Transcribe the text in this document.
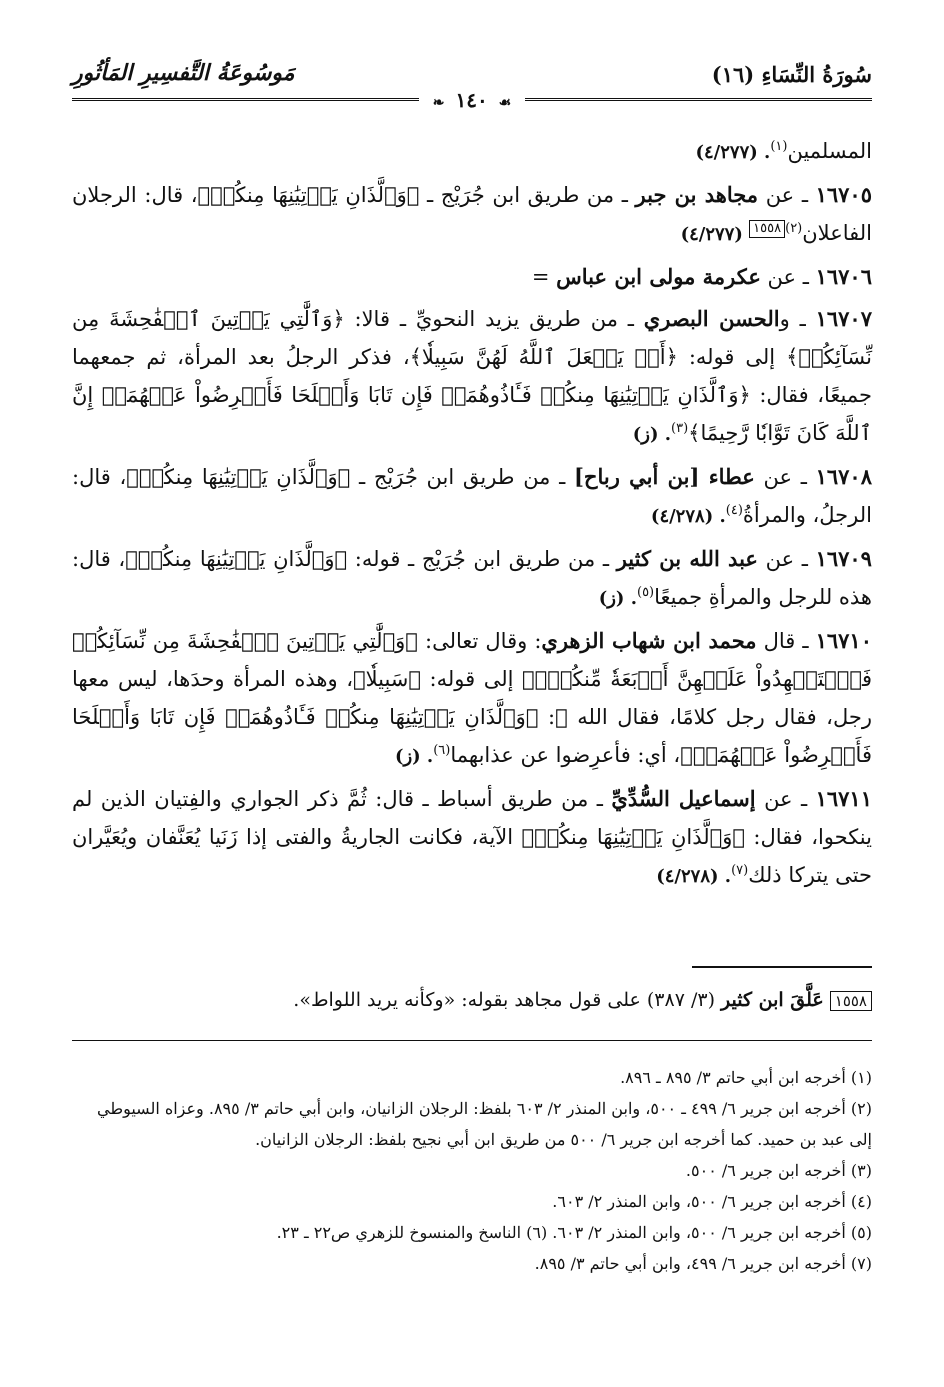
سُورَةُ النِّسَاءِ (١٦)
مَوسُوعَةُ التَّفسِيرِ المَأثُورِ
☙ ١٤٠ ❧

المسلمين$^{(١)}$. (٤/٢٧٧)

١٦٧٠٥ ـ عن مجاهد بن جبر ـ من طريق ابن جُرَيْج ـ ﴿وَٱلَّذَانِ يَأۡتِيَٰنِهَا مِنكُمۡ﴾، قال: الرجلان الفاعلان$^{(٢)}$١٥٥٨ (٤/٢٧٧)

١٦٧٠٦ ـ عن عكرمة مولى ابن عباس =

١٦٧٠٧ ـ والحسن البصري ـ من طريق يزيد النحويِّ ـ قالا: ﴿وَٱلَّٰتِي يَأۡتِينَ ٱلۡفَٰحِشَةَ مِن نِّسَآئِكُمۡ﴾ إلى قوله: ﴿أَوۡ يَجۡعَلَ ٱللَّهُ لَهُنَّ سَبِيلٗا﴾، فذكر الرجلُ بعد المرأة، ثم جمعهما جميعًا، فقال: ﴿وَٱلَّذَانِ يَأۡتِيَٰنِهَا مِنكُمۡ فَـَٔاذُوهُمَاۖ فَإِن تَابَا وَأَصۡلَحَا فَأَعۡرِضُواْ عَنۡهُمَآۗ إِنَّ ٱللَّهَ كَانَ تَوَّابٗا رَّحِيمًا﴾$^{(٣)}$. (ز)

١٦٧٠٨ ـ عن عطاء [بن أبي رباح] ـ من طريق ابن جُرَيْج ـ ﴿وَٱلَّذَانِ يَأۡتِيَٰنِهَا مِنكُمۡ﴾، قال: الرجلُ، والمرأةُ$^{(٤)}$. (٤/٢٧٨)

١٦٧٠٩ ـ عن عبد الله بن كثير ـ من طريق ابن جُرَيْج ـ قوله: ﴿وَٱلَّذَانِ يَأۡتِيَٰنِهَا مِنكُمۡ﴾، قال: هذه للرجل والمرأةِ جميعًا$^{(٥)}$. (ز)

١٦٧١٠ ـ قال محمد ابن شهاب الزهري: وقال تعالى: ﴿وَٱلَّٰتِي يَأۡتِينَ ٱلۡفَٰحِشَةَ مِن نِّسَآئِكُمۡ فَٱسۡتَشۡهِدُواْ عَلَيۡهِنَّ أَرۡبَعَةٗ مِّنكُمۡۖ﴾ إلى قوله: ﴿سَبِيلٗا﴾، وهذه المرأة وحدَها، ليس معها رجل، فقال رجل كلامًا، فقال الله ﷻ: ﴿وَٱلَّذَانِ يَأۡتِيَٰنِهَا مِنكُمۡ فَـَٔاذُوهُمَاۖ فَإِن تَابَا وَأَصۡلَحَا فَأَعۡرِضُواْ عَنۡهُمَآۗ﴾، أي: فأعرِضوا عن عذابهما$^{(٦)}$. (ز)

١٦٧١١ ـ عن إسماعيل السُّدِّيِّ ـ من طريق أسباط ـ قال: ثُمَّ ذكر الجواري والفِتيان الذين لم ينكحوا، فقال: ﴿وَٱلَّذَانِ يَأۡتِيَٰنِهَا مِنكُمۡ﴾ الآية، فكانت الجاريةُ والفتى إذا زَنَيا يُعَنَّفان ويُعَيَّران حتى يتركا ذلك$^{(٧)}$. (٤/٢٧٨)

١٥٥٨عَلَّقَ ابن كثير (٣/ ٣٨٧) على قول مجاهد بقوله: «وكأنه يريد اللواط».

(١) أخرجه ابن أبي حاتم ٣/ ٨٩٥ ـ ٨٩٦.

(٢) أخرجه ابن جرير ٦/ ٤٩٩ ـ ٥٠٠، وابن المنذر ٢/ ٦٠٣ بلفظ: الرجلان الزانيان، وابن أبي حاتم ٣/ ٨٩٥. وعزاه السيوطي إلى عبد بن حميد. كما أخرجه ابن جرير ٦/ ٥٠٠ من طريق ابن أبي نجيح بلفظ: الرجلان الزانيان.

(٣) أخرجه ابن جرير ٦/ ٥٠٠.

(٤) أخرجه ابن جرير ٦/ ٥٠٠، وابن المنذر ٢/ ٦٠٣.

(٥) أخرجه ابن جرير ٦/ ٥٠٠، وابن المنذر ٢/ ٦٠٣. (٦) الناسخ والمنسوخ للزهري ص٢٢ ـ ٢٣.

(٧) أخرجه ابن جرير ٦/ ٤٩٩، وابن أبي حاتم ٣/ ٨٩٥.
